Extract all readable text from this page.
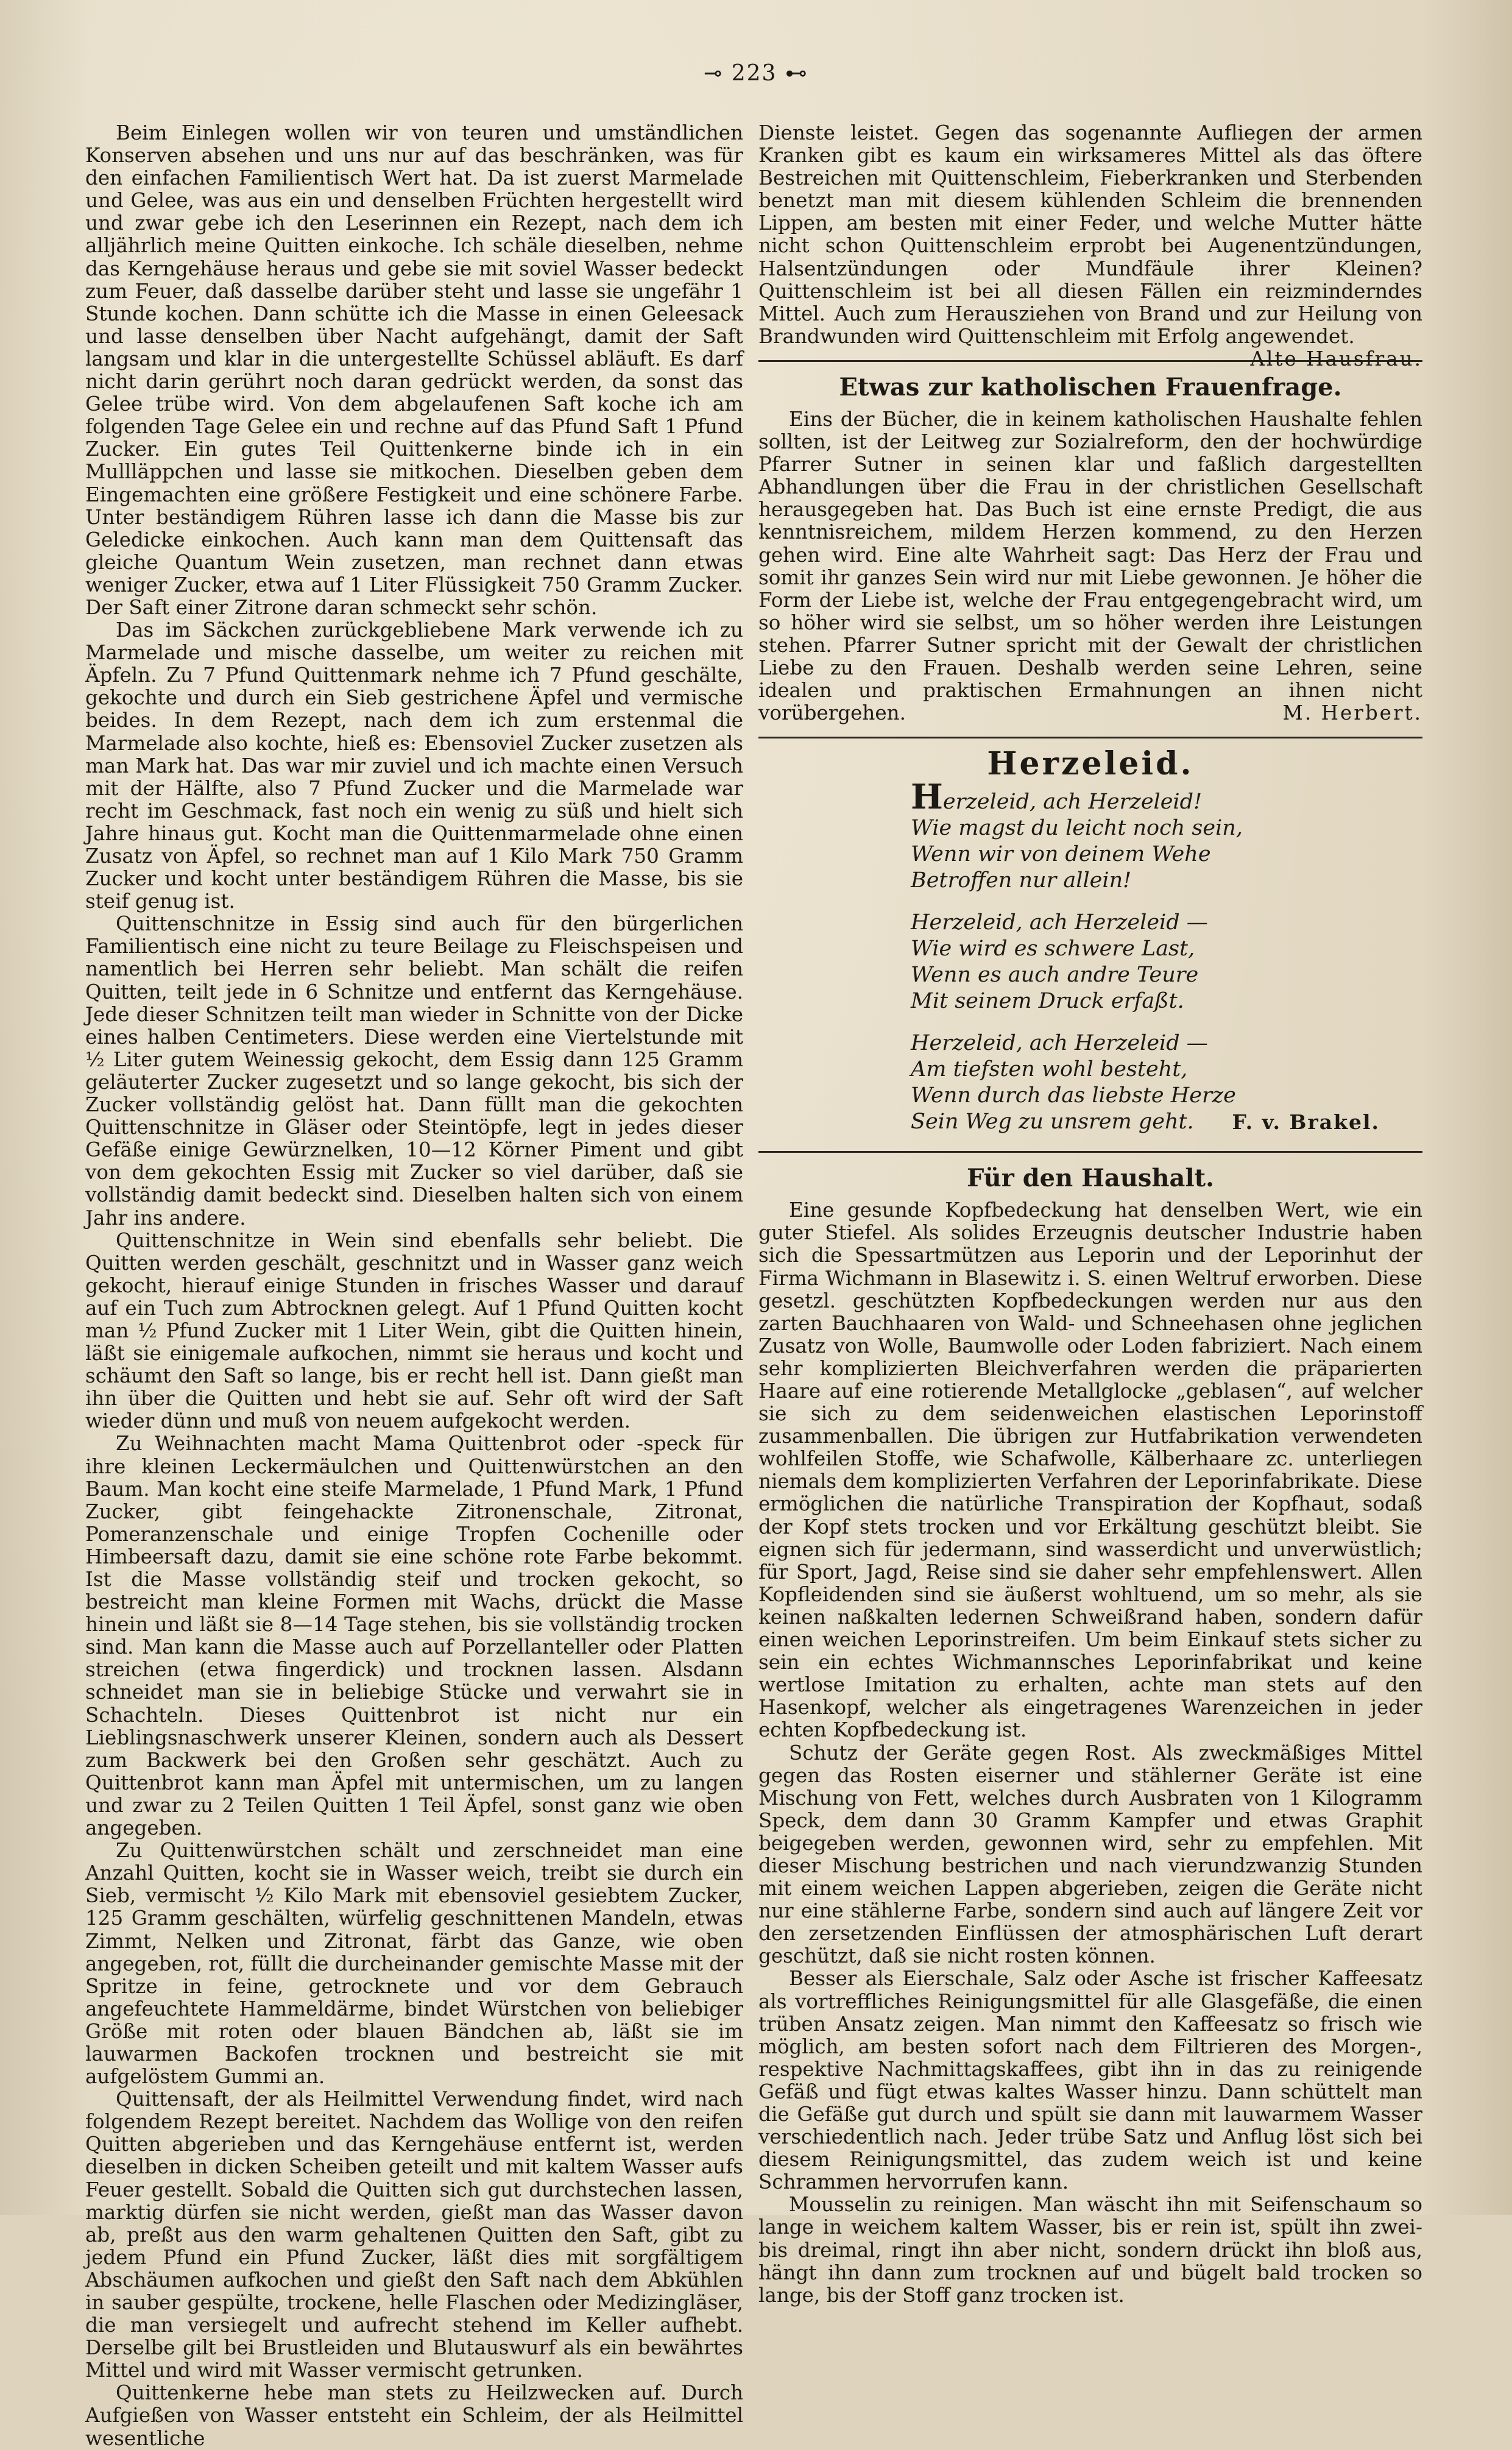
⊸ 223 ⊷

Beim Einlegen wollen wir von teuren und umständlichen Konserven absehen und uns nur auf das beschränken, was für den einfachen Familientisch Wert hat. Da ist zuerst Marmelade und Gelee, was aus ein und denselben Früchten hergestellt wird und zwar gebe ich den Leserinnen ein Rezept, nach dem ich alljährlich meine Quitten einkoche. Ich schäle dieselben, nehme das Kerngehäuse heraus und gebe sie mit soviel Wasser bedeckt zum Feuer, daß dasselbe darüber steht und lasse sie ungefähr 1 Stunde kochen. Dann schütte ich die Masse in einen Geleesack und lasse denselben über Nacht aufgehängt, damit der Saft langsam und klar in die untergestellte Schüssel abläuft. Es darf nicht darin gerührt noch daran gedrückt werden, da sonst das Gelee trübe wird. Von dem abgelaufenen Saft koche ich am folgenden Tage Gelee ein und rechne auf das Pfund Saft 1 Pfund Zucker. Ein gutes Teil Quittenkerne binde ich in ein Mullläppchen und lasse sie mitkochen. Dieselben geben dem Eingemachten eine größere Festigkeit und eine schönere Farbe. Unter beständigem Rühren lasse ich dann die Masse bis zur Geledicke einkochen. Auch kann man dem Quittensaft das gleiche Quantum Wein zusetzen, man rechnet dann etwas weniger Zucker, etwa auf 1 Liter Flüssigkeit 750 Gramm Zucker. Der Saft einer Zitrone daran schmeckt sehr schön.

Das im Säckchen zurückgebliebene Mark verwende ich zu Marmelade und mische dasselbe, um weiter zu reichen mit Äpfeln. Zu 7 Pfund Quittenmark nehme ich 7 Pfund geschälte, gekochte und durch ein Sieb gestrichene Äpfel und vermische beides. In dem Rezept, nach dem ich zum erstenmal die Marmelade also kochte, hieß es: Ebensoviel Zucker zusetzen als man Mark hat. Das war mir zuviel und ich machte einen Versuch mit der Hälfte, also 7 Pfund Zucker und die Marmelade war recht im Geschmack, fast noch ein wenig zu süß und hielt sich Jahre hinaus gut. Kocht man die Quittenmarmelade ohne einen Zusatz von Äpfel, so rechnet man auf 1 Kilo Mark 750 Gramm Zucker und kocht unter beständigem Rühren die Masse, bis sie steif genug ist.

Quittenschnitze in Essig sind auch für den bürgerlichen Familientisch eine nicht zu teure Beilage zu Fleischspeisen und namentlich bei Herren sehr beliebt. Man schält die reifen Quitten, teilt jede in 6 Schnitze und entfernt das Kerngehäuse. Jede dieser Schnitzen teilt man wieder in Schnitte von der Dicke eines halben Centimeters. Diese werden eine Viertelstunde mit ½ Liter gutem Weinessig gekocht, dem Essig dann 125 Gramm geläuterter Zucker zugesetzt und so lange gekocht, bis sich der Zucker vollständig gelöst hat. Dann füllt man die gekochten Quittenschnitze in Gläser oder Steintöpfe, legt in jedes dieser Gefäße einige Gewürznelken, 10—12 Körner Piment und gibt von dem gekochten Essig mit Zucker so viel darüber, daß sie vollständig damit bedeckt sind. Dieselben halten sich von einem Jahr ins andere.

Quittenschnitze in Wein sind ebenfalls sehr beliebt. Die Quitten werden geschält, geschnitzt und in Wasser ganz weich gekocht, hierauf einige Stunden in frisches Wasser und darauf auf ein Tuch zum Abtrocknen gelegt. Auf 1 Pfund Quitten kocht man ½ Pfund Zucker mit 1 Liter Wein, gibt die Quitten hinein, läßt sie einigemale aufkochen, nimmt sie heraus und kocht und schäumt den Saft so lange, bis er recht hell ist. Dann gießt man ihn über die Quitten und hebt sie auf. Sehr oft wird der Saft wieder dünn und muß von neuem aufgekocht werden.

Zu Weihnachten macht Mama Quittenbrot oder -speck für ihre kleinen Leckermäulchen und Quittenwürstchen an den Baum. Man kocht eine steife Marmelade, 1 Pfund Mark, 1 Pfund Zucker, gibt feingehackte Zitronenschale, Zitronat, Pomeranzenschale und einige Tropfen Cochenille oder Himbeersaft dazu, damit sie eine schöne rote Farbe bekommt. Ist die Masse vollständig steif und trocken gekocht, so bestreicht man kleine Formen mit Wachs, drückt die Masse hinein und läßt sie 8—14 Tage stehen, bis sie vollständig trocken sind. Man kann die Masse auch auf Porzellanteller oder Platten streichen (etwa fingerdick) und trocknen lassen. Alsdann schneidet man sie in beliebige Stücke und verwahrt sie in Schachteln. Dieses Quittenbrot ist nicht nur ein Lieblingsnaschwerk unserer Kleinen, sondern auch als Dessert zum Backwerk bei den Großen sehr geschätzt. Auch zu Quittenbrot kann man Äpfel mit untermischen, um zu langen und zwar zu 2 Teilen Quitten 1 Teil Äpfel, sonst ganz wie oben angegeben.

Zu Quittenwürstchen schält und zerschneidet man eine Anzahl Quitten, kocht sie in Wasser weich, treibt sie durch ein Sieb, vermischt ½ Kilo Mark mit ebensoviel gesiebtem Zucker, 125 Gramm geschälten, würfelig geschnittenen Mandeln, etwas Zimmt, Nelken und Zitronat, färbt das Ganze, wie oben angegeben, rot, füllt die durcheinander gemischte Masse mit der Spritze in feine, getrocknete und vor dem Gebrauch angefeuchtete Hammeldärme, bindet Würstchen von beliebiger Größe mit roten oder blauen Bändchen ab, läßt sie im lauwarmen Backofen trocknen und bestreicht sie mit aufgelöstem Gummi an.

Quittensaft, der als Heilmittel Verwendung findet, wird nach folgendem Rezept bereitet. Nachdem das Wollige von den reifen Quitten abgerieben und das Kerngehäuse entfernt ist, werden dieselben in dicken Scheiben geteilt und mit kaltem Wasser aufs Feuer gestellt. Sobald die Quitten sich gut durchstechen lassen, marktig dürfen sie nicht werden, gießt man das Wasser davon ab, preßt aus den warm gehaltenen Quitten den Saft, gibt zu jedem Pfund ein Pfund Zucker, läßt dies mit sorgfältigem Abschäumen aufkochen und gießt den Saft nach dem Abkühlen in sauber gespülte, trockene, helle Flaschen oder Medizingläser, die man versiegelt und aufrecht stehend im Keller aufhebt. Derselbe gilt bei Brustleiden und Blutauswurf als ein bewährtes Mittel und wird mit Wasser vermischt getrunken.

Quittenkerne hebe man stets zu Heilzwecken auf. Durch Aufgießen von Wasser entsteht ein Schleim, der als Heilmittel wesentliche

Dienste leistet. Gegen das sogenannte Aufliegen der armen Kranken gibt es kaum ein wirksameres Mittel als das öftere Bestreichen mit Quittenschleim, Fieberkranken und Sterbenden benetzt man mit diesem kühlenden Schleim die brennenden Lippen, am besten mit einer Feder, und welche Mutter hätte nicht schon Quittenschleim erprobt bei Augenentzündungen, Halsentzündungen oder Mundfäule ihrer Kleinen? Quittenschleim ist bei all diesen Fällen ein reizminderndes Mittel. Auch zum Herausziehen von Brand und zur Heilung von Brandwunden wird Quittenschleim mit Erfolg angewendet.
Alte Hausfrau.

Etwas zur katholischen Frauenfrage.

Eins der Bücher, die in keinem katholischen Haushalte fehlen sollten, ist der Leitweg zur Sozialreform, den der hochwürdige Pfarrer Sutner in seinen klar und faßlich dargestellten Abhandlungen über die Frau in der christlichen Gesellschaft herausgegeben hat. Das Buch ist eine ernste Predigt, die aus kenntnisreichem, mildem Herzen kommend, zu den Herzen gehen wird. Eine alte Wahrheit sagt: Das Herz der Frau und somit ihr ganzes Sein wird nur mit Liebe gewonnen. Je höher die Form der Liebe ist, welche der Frau entgegengebracht wird, um so höher wird sie selbst, um so höher werden ihre Leistungen stehen. Pfarrer Sutner spricht mit der Gewalt der christlichen Liebe zu den Frauen. Deshalb werden seine Lehren, seine idealen und praktischen Ermahnungen an ihnen nicht vorübergehen.	M. Herbert.

Herzeleid.
Herzeleid, ach Herzeleid!
Wie magst du leicht noch sein,
Wenn wir von deinem Wehe
Betroffen nur allein!
Herzeleid, ach Herzeleid —
Wie wird es schwere Last,
Wenn es auch andre Teure
Mit seinem Druck erfaßt.
Herzeleid, ach Herzeleid —
Am tiefsten wohl besteht,
Wenn durch das liebste Herze
Sein Weg zu unsrem geht. F. v. Brakel.
Für den Haushalt.

Eine gesunde Kopfbedeckung hat denselben Wert, wie ein guter Stiefel. Als solides Erzeugnis deutscher Industrie haben sich die Spessartmützen aus Leporin und der Leporinhut der Firma Wichmann in Blasewitz i. S. einen Weltruf erworben. Diese gesetzl. geschützten Kopfbedeckungen werden nur aus den zarten Bauchhaaren von Wald- und Schneehasen ohne jeglichen Zusatz von Wolle, Baumwolle oder Loden fabriziert. Nach einem sehr komplizierten Bleichverfahren werden die präparierten Haare auf eine rotierende Metallglocke „geblasen“, auf welcher sie sich zu dem seidenweichen elastischen Leporinstoff zusammenballen. Die übrigen zur Hutfabrikation verwendeten wohlfeilen Stoffe, wie Schafwolle, Kälberhaare zc. unterliegen niemals dem komplizierten Verfahren der Leporinfabrikate. Diese ermöglichen die natürliche Transpiration der Kopfhaut, sodaß der Kopf stets trocken und vor Erkältung geschützt bleibt. Sie eignen sich für jedermann, sind wasserdicht und unverwüstlich; für Sport, Jagd, Reise sind sie daher sehr empfehlenswert. Allen Kopfleidenden sind sie äußerst wohltuend, um so mehr, als sie keinen naßkalten ledernen Schweißrand haben, sondern dafür einen weichen Leporinstreifen. Um beim Einkauf stets sicher zu sein ein echtes Wichmannsches Leporinfabrikat und keine wertlose Imitation zu erhalten, achte man stets auf den Hasenkopf, welcher als eingetragenes Warenzeichen in jeder echten Kopfbedeckung ist.

Schutz der Geräte gegen Rost. Als zweckmäßiges Mittel gegen das Rosten eiserner und stählerner Geräte ist eine Mischung von Fett, welches durch Ausbraten von 1 Kilogramm Speck, dem dann 30 Gramm Kampfer und etwas Graphit beigegeben werden, gewonnen wird, sehr zu empfehlen. Mit dieser Mischung bestrichen und nach vierundzwanzig Stunden mit einem weichen Lappen abgerieben, zeigen die Geräte nicht nur eine stählerne Farbe, sondern sind auch auf längere Zeit vor den zersetzenden Einflüssen der atmosphärischen Luft derart geschützt, daß sie nicht rosten können.

Besser als Eierschale, Salz oder Asche ist frischer Kaffeesatz als vortreffliches Reinigungsmittel für alle Glasgefäße, die einen trüben Ansatz zeigen. Man nimmt den Kaffeesatz so frisch wie möglich, am besten sofort nach dem Filtrieren des Morgen-, respektive Nachmittagskaffees, gibt ihn in das zu reinigende Gefäß und fügt etwas kaltes Wasser hinzu. Dann schüttelt man die Gefäße gut durch und spült sie dann mit lauwarmem Wasser verschiedentlich nach. Jeder trübe Satz und Anflug löst sich bei diesem Reinigungsmittel, das zudem weich ist und keine Schrammen hervorrufen kann.

Mousselin zu reinigen. Man wäscht ihn mit Seifenschaum so lange in weichem kaltem Wasser, bis er rein ist, spült ihn zwei- bis dreimal, ringt ihn aber nicht, sondern drückt ihn bloß aus, hängt ihn dann zum trocknen auf und bügelt bald trocken so lange, bis der Stoff ganz trocken ist.
